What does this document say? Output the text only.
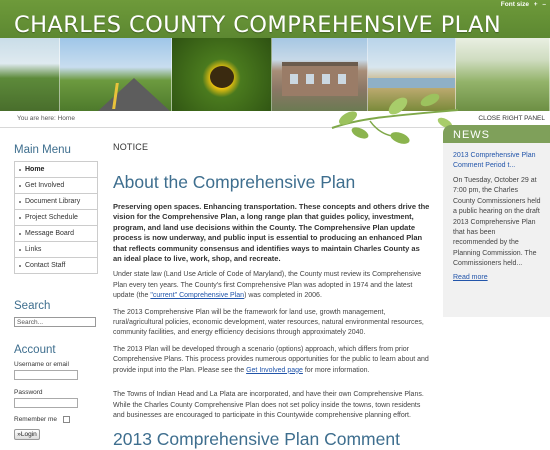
Font size + –
CHARLES COUNTY COMPREHENSIVE PLAN
You are here: Home	CLOSE RIGHT PANEL
Main Menu
Home
Get Involved
Document Library
Project Schedule
Message Board
Links
Contact Staff
Search
Search...
Account
Username or email
Password
Remember me
»Login
NOTICE
About the Comprehensive Plan
Preserving open spaces. Enhancing transportation. These concepts and others drive the vision for the Comprehensive Plan, a long range plan that guides policy, investment, program, and land use decisions within the County. The Comprehensive Plan update process is now underway, and public input is essential to producing an enhanced Plan that reflects community consensus and identifies ways to maintain Charles County as an ideal place to live, work, shop, and recreate.
Under state law (Land Use Article of Code of Maryland), the County must review its Comprehensive Plan every ten years. The County's first Comprehensive Plan was adopted in 1974 and the latest update (the "current" Comprehensive Plan) was completed in 2006.
The 2013 Comprehensive Plan will be the framework for land use, growth management, rural/agricultural policies, economic development, water resources, natural environmental resources, community facilities, and energy efficiency decisions through approximately 2040.
The 2013 Plan will be developed through a scenario (options) approach, which differs from prior Comprehensive Plans. This process provides numerous opportunities for the public to learn about and provide input into the Plan. Please see the Get Involved page for more information.
The Towns of Indian Head and La Plata are incorporated, and have their own Comprehensive Plans. While the Charles County Comprehensive Plan does not set policy inside the towns, town residents and businesses are encouraged to participate in this Countywide comprehensive planning effort.
2013 Comprehensive Plan Comment
NEWS
2013 Comprehensive Plan Comment Period t...
On Tuesday, October 29 at 7:00 pm, the Charles County Commissioners held a public hearing on the draft 2013 Comprehensive Plan that has been recommended by the Planning Commission. The Commissioners held...
Read more
